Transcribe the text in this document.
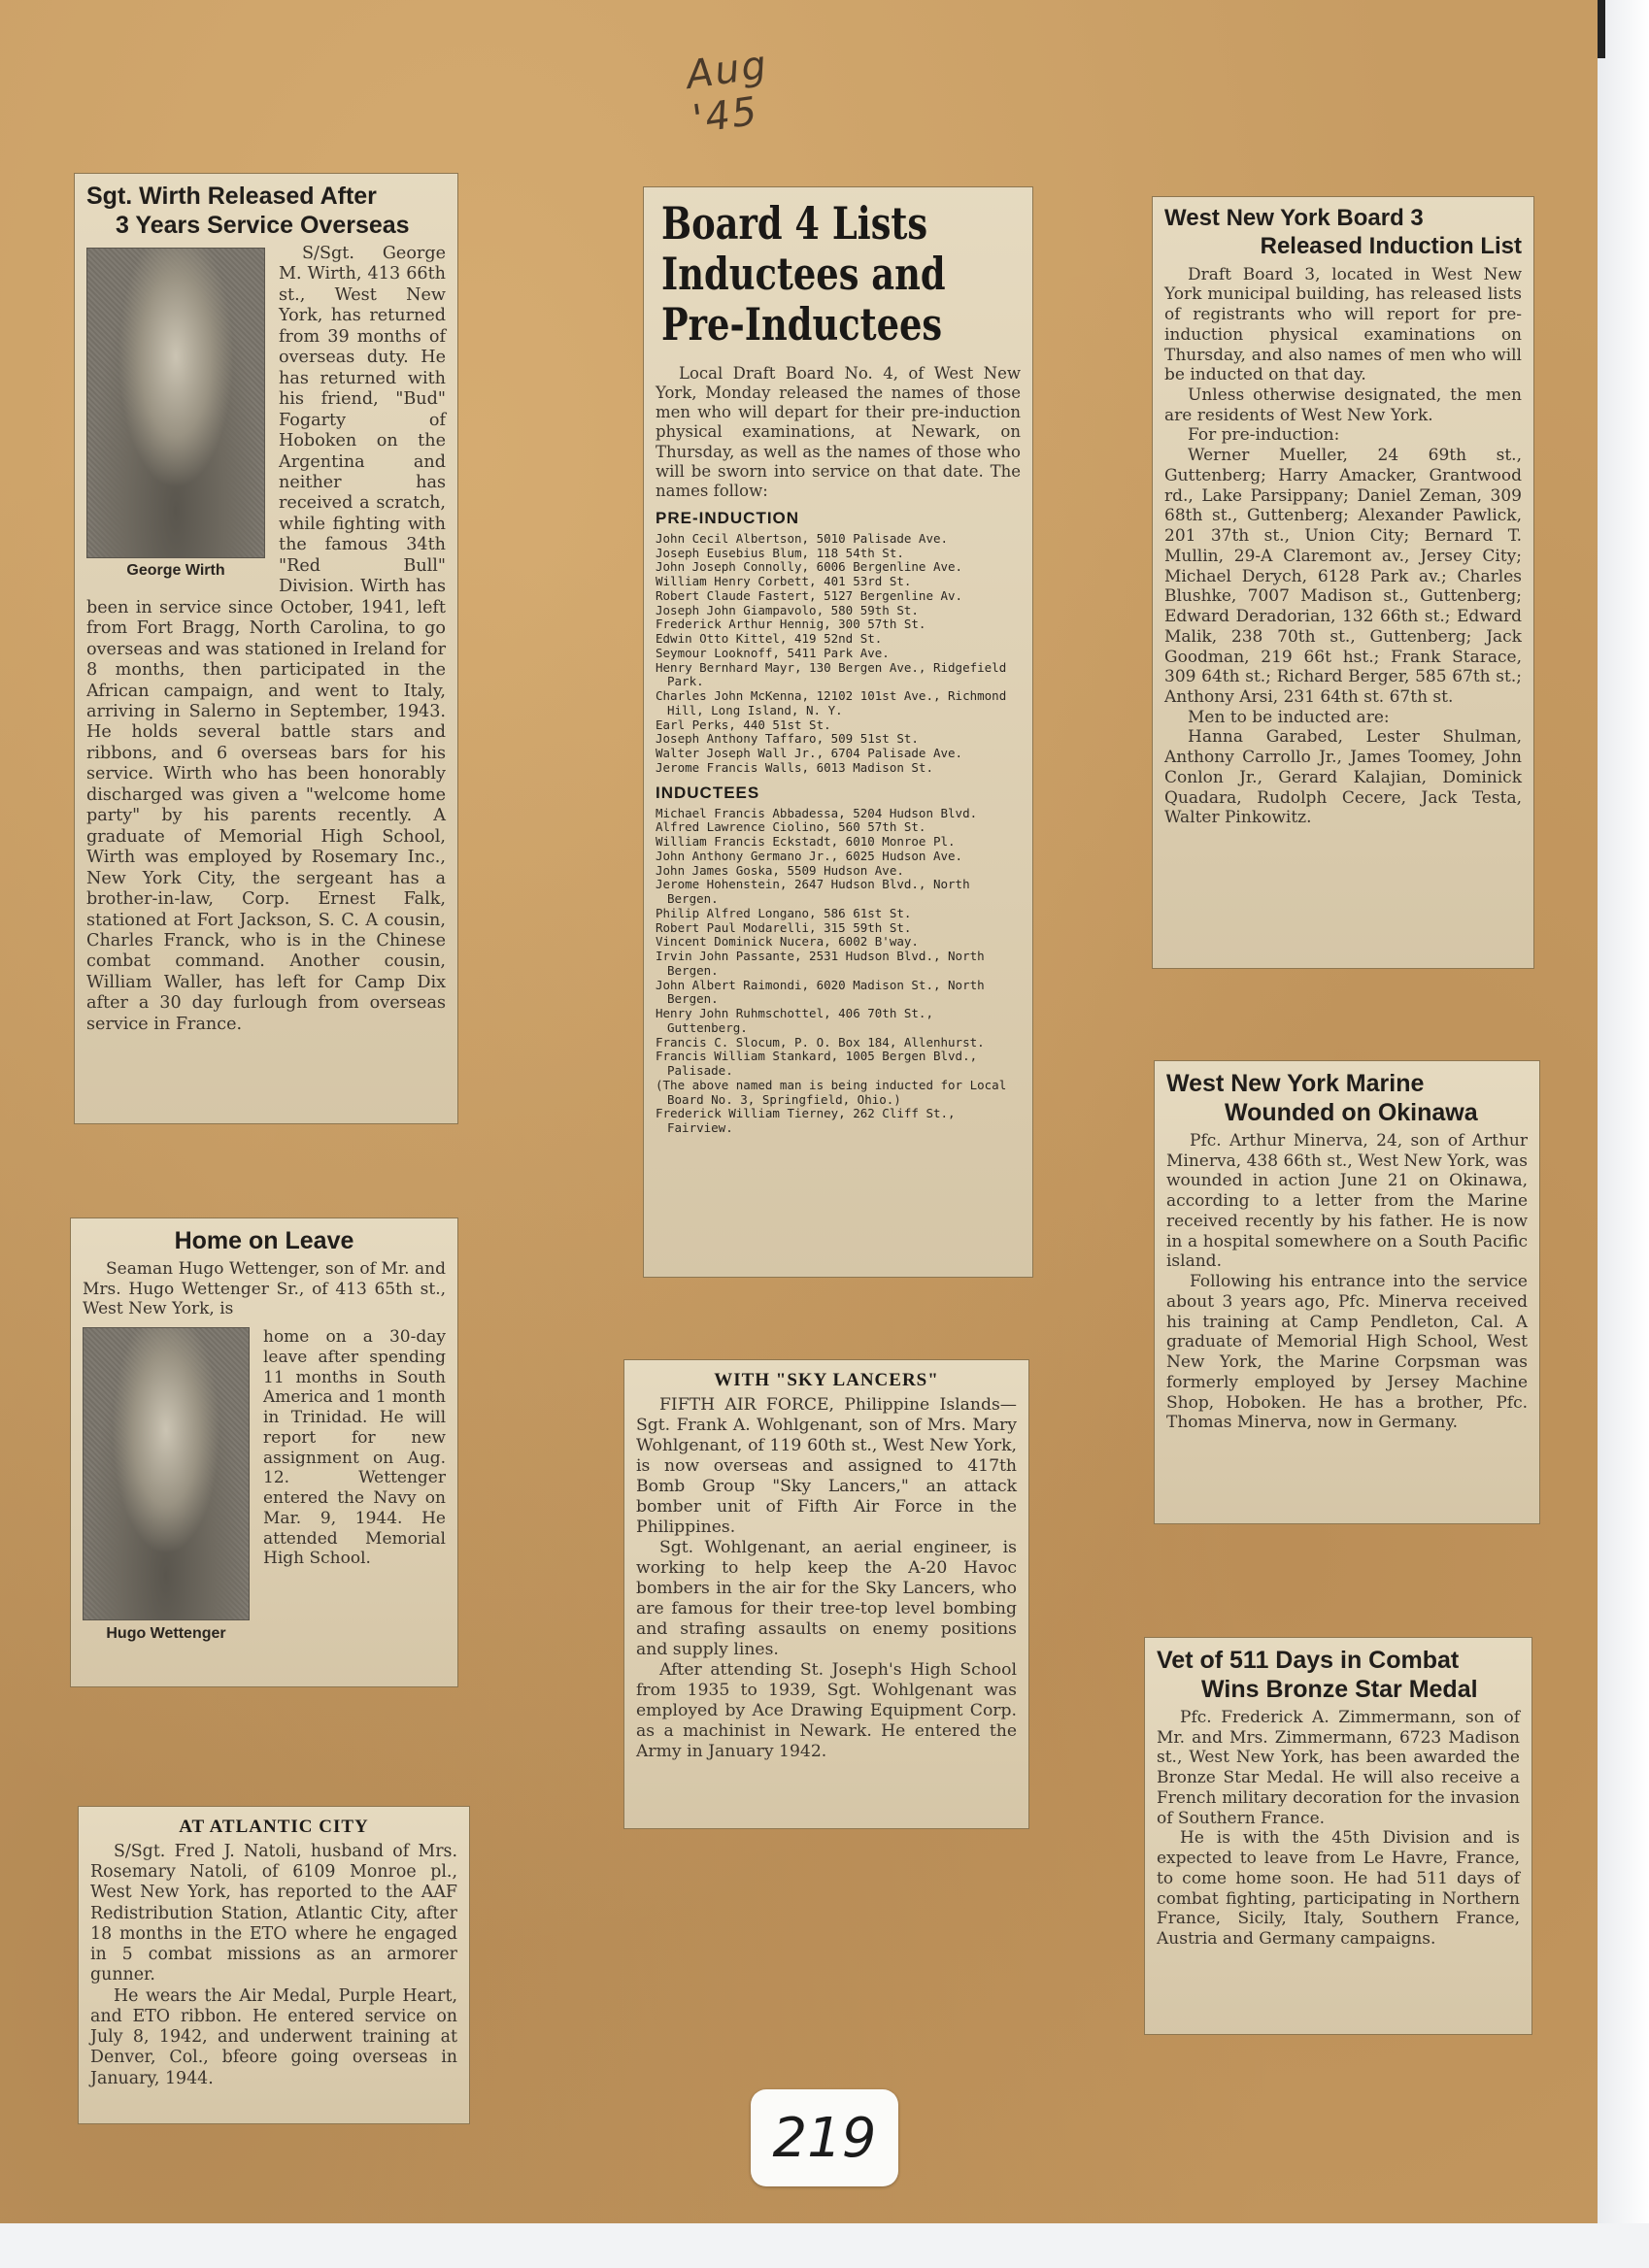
Aug '45
Sgt. Wirth Released After
3 Years Service Overseas
George Wirth

S/Sgt. George M. Wirth, 413 66th st., West New York, has returned from 39 months of overseas duty. He has returned with his friend, "Bud" Fogarty of Hoboken on the Argentina and neither has received a scratch, while fighting with the famous 34th "Red Bull" Division. Wirth has been in service since October, 1941, left from Fort Bragg, North Carolina, to go overseas and was stationed in Ireland for 8 months, then participated in the African campaign, and went to Italy, arriving in Salerno in September, 1943. He holds several battle stars and ribbons, and 6 overseas bars for his service. Wirth who has been honorably discharged was given a "welcome home party" by his parents recently. A graduate of Memorial High School, Wirth was employed by Rosemary Inc., New York City, the sergeant has a brother-in-law, Corp. Ernest Falk, stationed at Fort Jackson, S. C. A cousin, Charles Franck, who is in the Chinese combat command. Another cousin, William Waller, has left for Camp Dix after a 30 day furlough from overseas service in France.

Board 4 Lists
Inductees and
Pre-Inductees

Local Draft Board No. 4, of West New York, Monday released the names of those men who will depart for their pre-induction physical examinations, at Newark, on Thursday, as well as the names of those who will be sworn into service on that date. The names follow:

PRE-INDUCTION
John Cecil Albertson, 5010 Palisade Ave.
Joseph Eusebius Blum, 118 54th St.
John Joseph Connolly, 6006 Bergenline Ave.
William Henry Corbett, 401 53rd St.
Robert Claude Fastert, 5127 Bergenline Av.
Joseph John Giampavolo, 580 59th St.
Frederick Arthur Hennig, 300 57th St.
Edwin Otto Kittel, 419 52nd St.
Seymour Looknoff, 5411 Park Ave.
Henry Bernhard Mayr, 130 Bergen Ave., Ridgefield Park.
Charles John McKenna, 12102 101st Ave., Richmond Hill, Long Island, N. Y.
Earl Perks, 440 51st St.
Joseph Anthony Taffaro, 509 51st St.
Walter Joseph Wall Jr., 6704 Palisade Ave.
Jerome Francis Walls, 6013 Madison St.
INDUCTEES
Michael Francis Abbadessa, 5204 Hudson Blvd.
Alfred Lawrence Ciolino, 560 57th St.
William Francis Eckstadt, 6010 Monroe Pl.
John Anthony Germano Jr., 6025 Hudson Ave.
John James Goska, 5509 Hudson Ave.
Jerome Hohenstein, 2647 Hudson Blvd., North Bergen.
Philip Alfred Longano, 586 61st St.
Robert Paul Modarelli, 315 59th St.
Vincent Dominick Nucera, 6002 B'way.
Irvin John Passante, 2531 Hudson Blvd., North Bergen.
John Albert Raimondi, 6020 Madison St., North Bergen.
Henry John Ruhmschottel, 406 70th St., Guttenberg.
Francis C. Slocum, P. O. Box 184, Allenhurst.
Francis William Stankard, 1005 Bergen Blvd., Palisade.
(The above named man is being inducted for Local Board No. 3, Springfield, Ohio.)
Frederick William Tierney, 262 Cliff St., Fairview.
West New York Board 3
Released Induction List

Draft Board 3, located in West New York municipal building, has released lists of registrants who will report for pre-induction physical examinations on Thursday, and also names of men who will be inducted on that day.

Unless otherwise designated, the men are residents of West New York.

For pre-induction:

Werner Mueller, 24 69th st., Guttenberg; Harry Amacker, Grantwood rd., Lake Parsippany; Daniel Zeman, 309 68th st., Guttenberg; Alexander Pawlick, 201 37th st., Union City; Bernard T. Mullin, 29-A Claremont av., Jersey City; Michael Derych, 6128 Park av.; Charles Blushke, 7007 Madison st., Guttenberg; Edward Deradorian, 132 66th st.; Edward Malik, 238 70th st., Guttenberg; Jack Goodman, 219 66t hst.; Frank Starace, 309 64th st.; Richard Berger, 585 67th st.; Anthony Arsi, 231 64th st. 67th st.

Men to be inducted are:

Hanna Garabed, Lester Shulman, Anthony Carrollo Jr., James Toomey, John Conlon Jr., Gerard Kalajian, Dominick Quadara, Rudolph Cecere, Jack Testa, Walter Pinkowitz.

West New York Marine
Wounded on Okinawa

Pfc. Arthur Minerva, 24, son of Arthur Minerva, 438 66th st., West New York, was wounded in action June 21 on Okinawa, according to a letter from the Marine received recently by his father. He is now in a hospital somewhere on a South Pacific island.

Following his entrance into the service about 3 years ago, Pfc. Minerva received his training at Camp Pendleton, Cal. A graduate of Memorial High School, West New York, the Marine Corpsman was formerly employed by Jersey Machine Shop, Hoboken. He has a brother, Pfc. Thomas Minerva, now in Germany.

Home on Leave

Seaman Hugo Wettenger, son of Mr. and Mrs. Hugo Wettenger Sr., of 413 65th st., West New York, is

Hugo Wettenger

home on a 30-day leave after spending 11 months in South America and 1 month in Trinidad. He will report for new assignment on Aug. 12. Wettenger entered the Navy on Mar. 9, 1944. He attended Memorial High School.

WITH "SKY LANCERS"

FIFTH AIR FORCE, Philippine Islands—Sgt. Frank A. Wohlgenant, son of Mrs. Mary Wohlgenant, of 119 60th st., West New York, is now overseas and assigned to 417th Bomb Group "Sky Lancers," an attack bomber unit of Fifth Air Force in the Philippines.

Sgt. Wohlgenant, an aerial engineer, is working to help keep the A-20 Havoc bombers in the air for the Sky Lancers, who are famous for their tree-top level bombing and strafing assaults on enemy positions and supply lines.

After attending St. Joseph's High School from 1935 to 1939, Sgt. Wohlgenant was employed by Ace Drawing Equipment Corp. as a machinist in Newark. He entered the Army in January 1942.

AT ATLANTIC CITY

S/Sgt. Fred J. Natoli, husband of Mrs. Rosemary Natoli, of 6109 Monroe pl., West New York, has reported to the AAF Redistribution Station, Atlantic City, after 18 months in the ETO where he engaged in 5 combat missions as an armorer gunner.

He wears the Air Medal, Purple Heart, and ETO ribbon. He entered service on July 8, 1942, and underwent training at Denver, Col., bfeore going overseas in January, 1944.

Vet of 511 Days in Combat
Wins Bronze Star Medal

Pfc. Frederick A. Zimmermann, son of Mr. and Mrs. Zimmermann, 6723 Madison st., West New York, has been awarded the Bronze Star Medal. He will also receive a French military decoration for the invasion of Southern France.

He is with the 45th Division and is expected to leave from Le Havre, France, to come home soon. He had 511 days of combat fighting, participating in Northern France, Sicily, Italy, Southern France, Austria and Germany campaigns.

219
